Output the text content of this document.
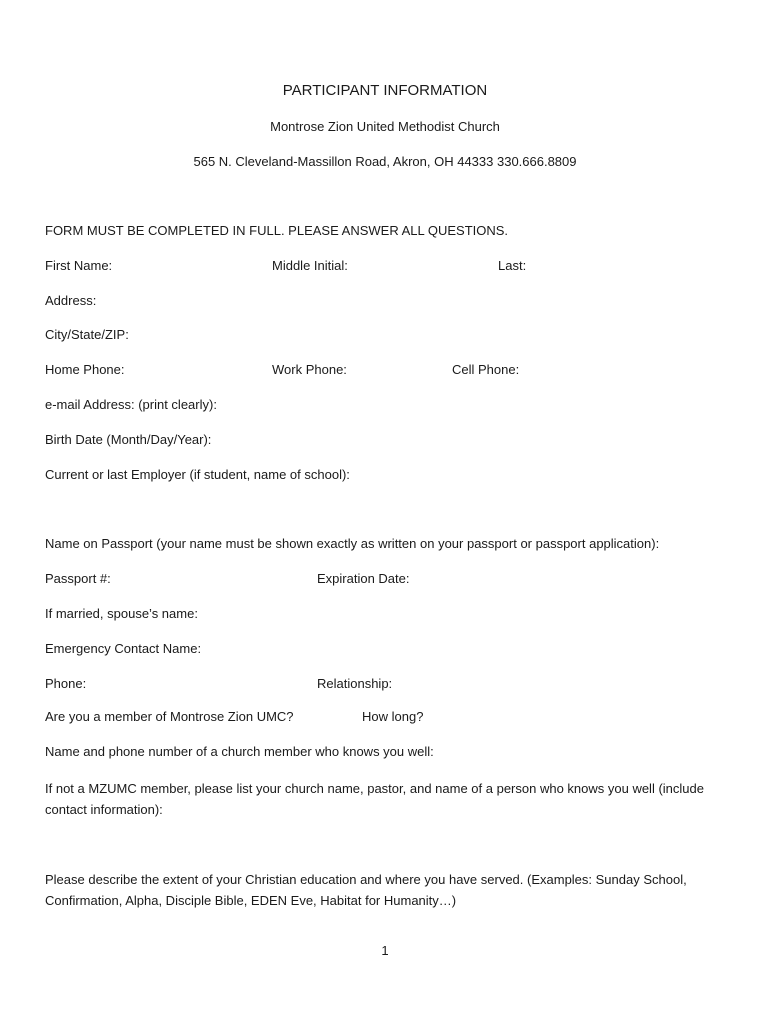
PARTICIPANT INFORMATION
Montrose Zion United Methodist Church
565 N. Cleveland-Massillon Road, Akron, OH 44333 330.666.8809
FORM MUST BE COMPLETED IN FULL. PLEASE ANSWER ALL QUESTIONS.
First Name:	Middle Initial:	Last:
Address:
City/State/ZIP:
Home Phone:	Work Phone:	Cell Phone:
e-mail Address: (print clearly):
Birth Date (Month/Day/Year):
Current or last Employer (if student, name of school):
Name on Passport (your name must be shown exactly as written on your passport or passport application):
Passport #:	Expiration Date:
If married, spouse’s name:
Emergency Contact Name:
Phone:	Relationship:
Are you a member of Montrose Zion UMC?	How long?
Name and phone number of a church member who knows you well:
If not a MZUMC member, please list your church name, pastor, and name of a person who knows you well (include contact information):
Please describe the extent of your Christian education and where you have served. (Examples: Sunday School, Confirmation, Alpha, Disciple Bible, EDEN Eve, Habitat for Humanity…)
1
